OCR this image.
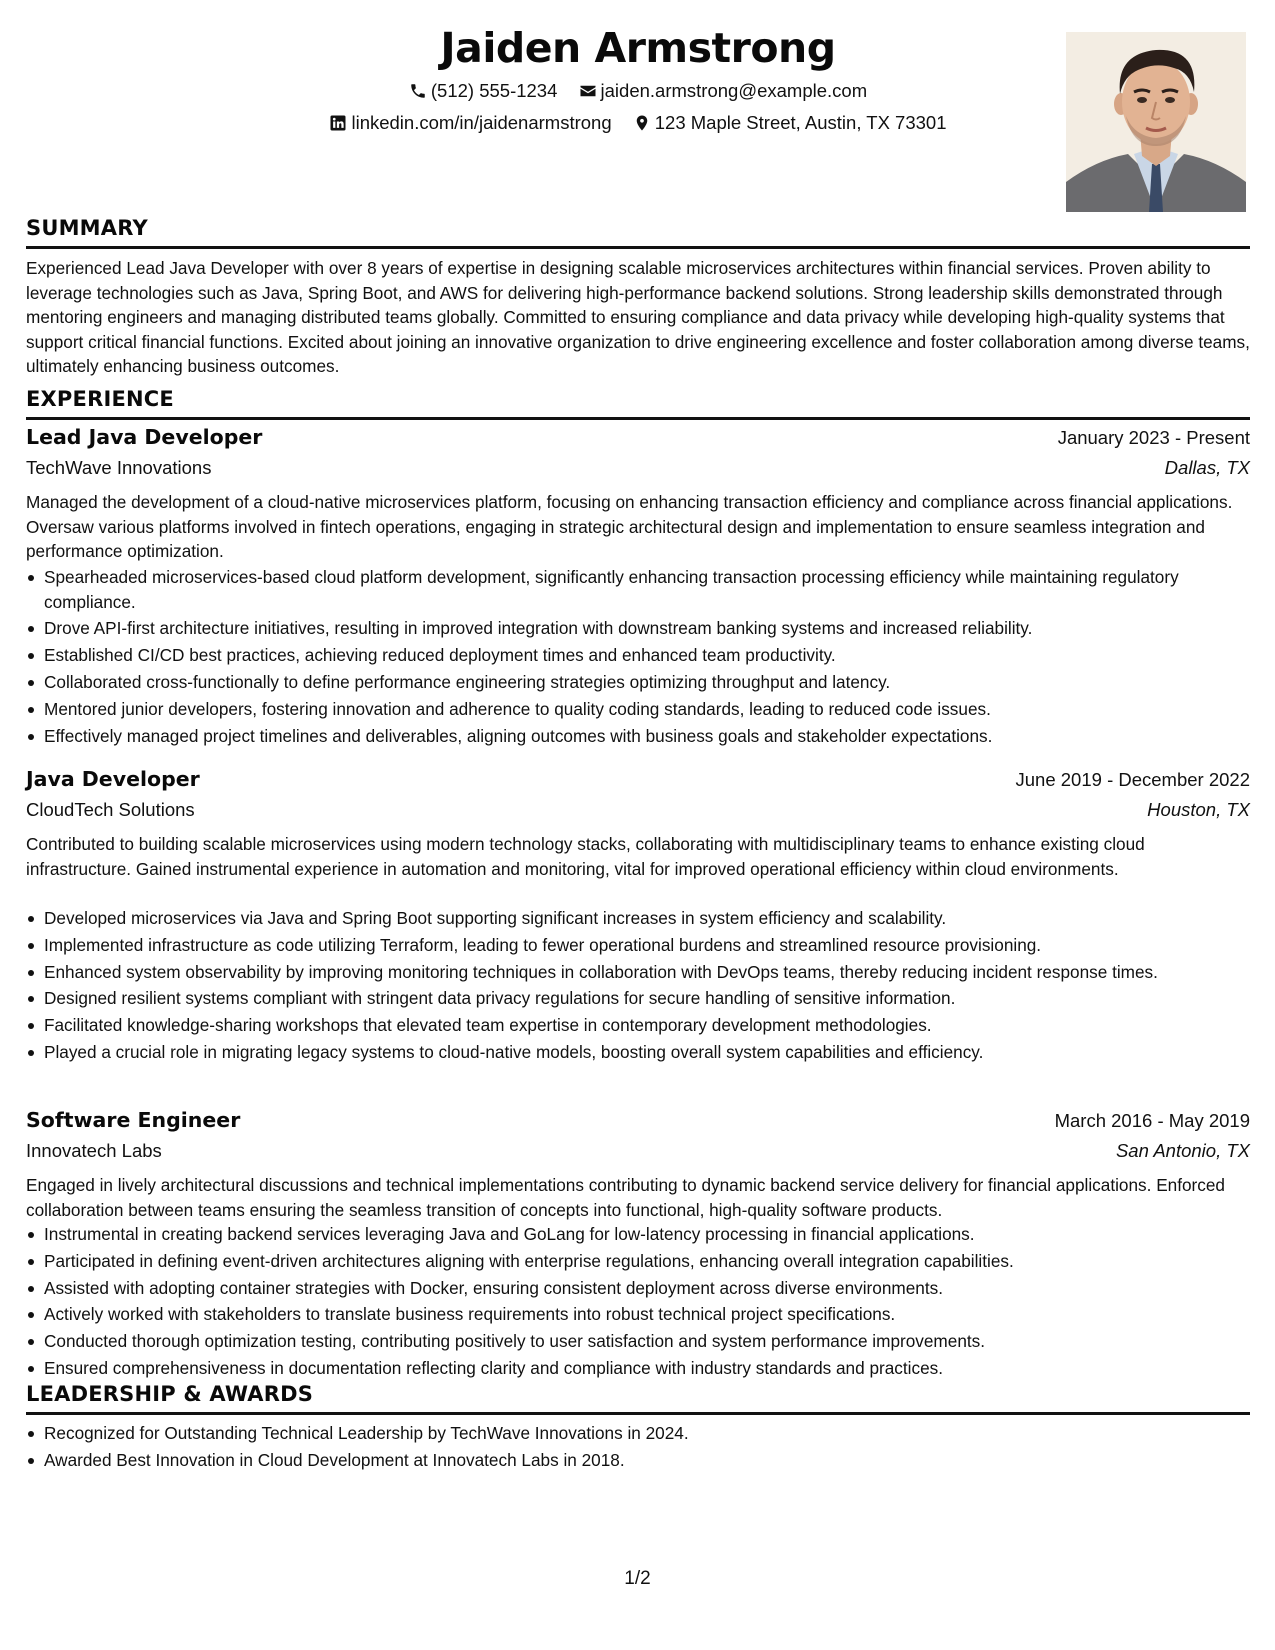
Jaiden Armstrong
(512) 555-1234
jaiden.armstrong@example.com
linkedin.com/in/jaidenarmstrong
123 Maple Street, Austin, TX 73301
SUMMARY
Experienced Lead Java Developer with over 8 years of expertise in designing scalable microservices architectures within financial services. Proven ability to leverage technologies such as Java, Spring Boot, and AWS for delivering high-performance backend solutions. Strong leadership skills demonstrated through mentoring engineers and managing distributed teams globally. Committed to ensuring compliance and data privacy while developing high-quality systems that support critical financial functions. Excited about joining an innovative organization to drive engineering excellence and foster collaboration among diverse teams, ultimately enhancing business outcomes.
EXPERIENCE
Lead Java Developer	January 2023 - Present
TechWave Innovations	Dallas, TX
Managed the development of a cloud-native microservices platform, focusing on enhancing transaction efficiency and compliance across financial applications. Oversaw various platforms involved in fintech operations, engaging in strategic architectural design and implementation to ensure seamless integration and performance optimization.
Spearheaded microservices-based cloud platform development, significantly enhancing transaction processing efficiency while maintaining regulatory compliance.
Drove API-first architecture initiatives, resulting in improved integration with downstream banking systems and increased reliability.
Established CI/CD best practices, achieving reduced deployment times and enhanced team productivity.
Collaborated cross-functionally to define performance engineering strategies optimizing throughput and latency.
Mentored junior developers, fostering innovation and adherence to quality coding standards, leading to reduced code issues.
Effectively managed project timelines and deliverables, aligning outcomes with business goals and stakeholder expectations.
Java Developer	June 2019 - December 2022
CloudTech Solutions	Houston, TX
Contributed to building scalable microservices using modern technology stacks, collaborating with multidisciplinary teams to enhance existing cloud infrastructure. Gained instrumental experience in automation and monitoring, vital for improved operational efficiency within cloud environments.
Developed microservices via Java and Spring Boot supporting significant increases in system efficiency and scalability.
Implemented infrastructure as code utilizing Terraform, leading to fewer operational burdens and streamlined resource provisioning.
Enhanced system observability by improving monitoring techniques in collaboration with DevOps teams, thereby reducing incident response times.
Designed resilient systems compliant with stringent data privacy regulations for secure handling of sensitive information.
Facilitated knowledge-sharing workshops that elevated team expertise in contemporary development methodologies.
Played a crucial role in migrating legacy systems to cloud-native models, boosting overall system capabilities and efficiency.
Software Engineer	March 2016 - May 2019
Innovatech Labs	San Antonio, TX
Engaged in lively architectural discussions and technical implementations contributing to dynamic backend service delivery for financial applications. Enforced collaboration between teams ensuring the seamless transition of concepts into functional, high-quality software products.
Instrumental in creating backend services leveraging Java and GoLang for low-latency processing in financial applications.
Participated in defining event-driven architectures aligning with enterprise regulations, enhancing overall integration capabilities.
Assisted with adopting container strategies with Docker, ensuring consistent deployment across diverse environments.
Actively worked with stakeholders to translate business requirements into robust technical project specifications.
Conducted thorough optimization testing, contributing positively to user satisfaction and system performance improvements.
Ensured comprehensiveness in documentation reflecting clarity and compliance with industry standards and practices.
LEADERSHIP & AWARDS
Recognized for Outstanding Technical Leadership by TechWave Innovations in 2024.
Awarded Best Innovation in Cloud Development at Innovatech Labs in 2018.
1/2
